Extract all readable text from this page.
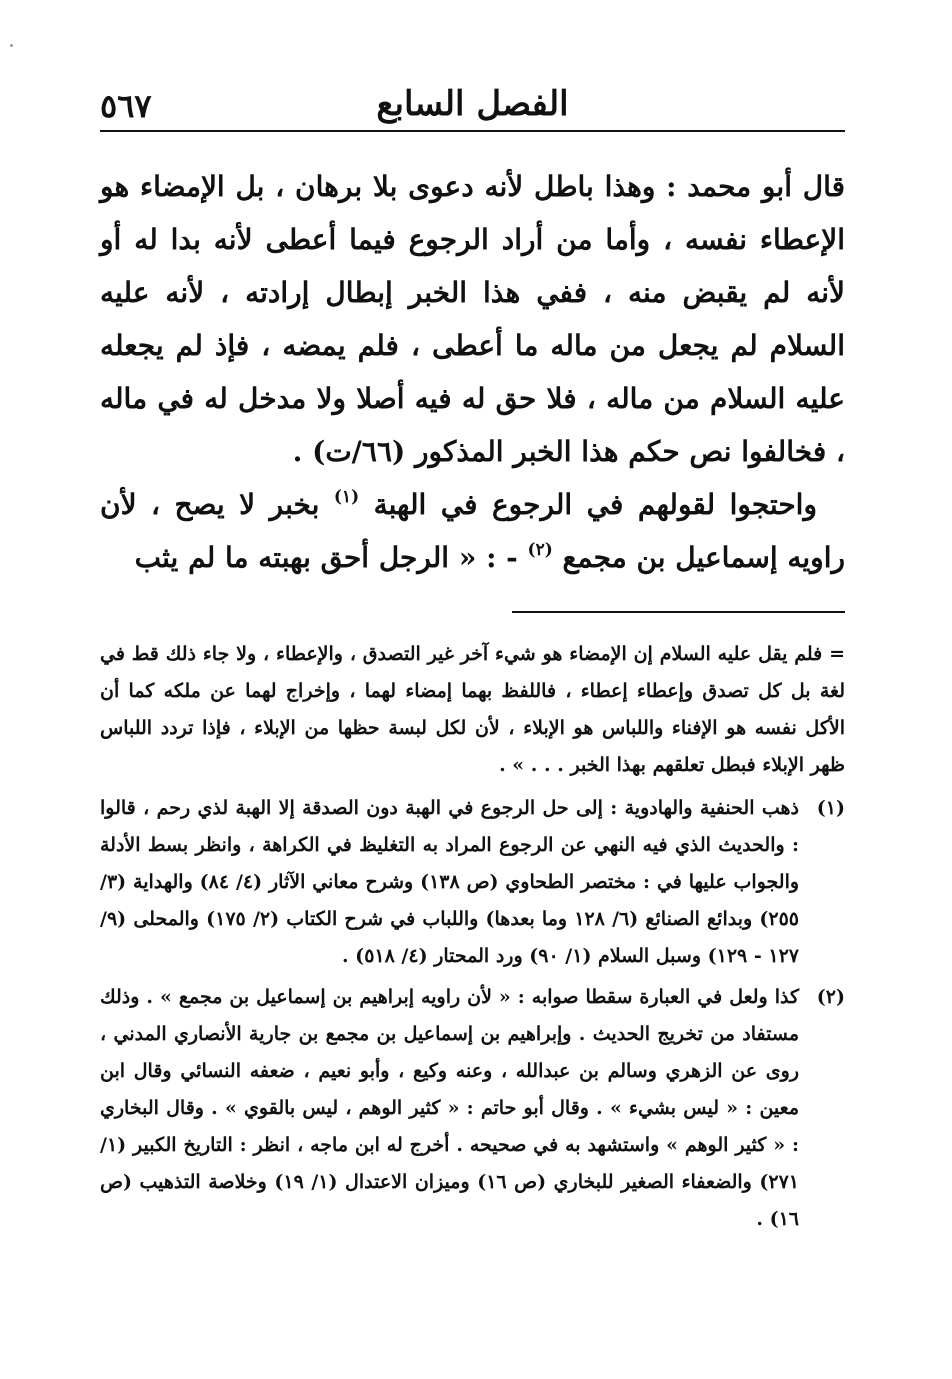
الفصل السابع
٥٦٧

قال أبو محمد : وهذا باطل لأنه دعوى بلا برهان ، بل الإمضاء هو الإعطاء نفسه ، وأما من أراد الرجوع فيما أعطى لأنه بدا له أو لأنه لم يقبض منه ، ففي هذا الخبر إبطال إرادته ، لأنه عليه السلام لم يجعل من ماله ما أعطى ، فلم يمضه ، فإذ لم يجعله عليه السلام من ماله ، فلا حق له فيه أصلا ولا مدخل له في ماله ، فخالفوا نص حكم هذا الخبر المذكور (٦٦/ت) .

واحتجوا لقولهم في الرجوع في الهبة $^{(١)}$ بخبر لا يصح ، لأن راويه إسماعيل بن مجمع $^{(٢)}$ - : « الرجل أحق بهبته ما لم يثب

= فلم يقل عليه السلام إن الإمضاء هو شيء آخر غير التصدق ، والإعطاء ، ولا جاء ذلك قط في لغة بل كل تصدق وإعطاء إعطاء ، فاللفظ بهما إمضاء لهما ، وإخراج لهما عن ملكه كما أن الأكل نفسه هو الإفناء واللباس هو الإبلاء ، لأن لكل لبسة حظها من الإبلاء ، فإذا تردد اللباس ظهر الإبلاء فبطل تعلقهم بهذا الخبر . . . » .

(١)
ذهب الحنفية والهادوية : إلى حل الرجوع في الهبة دون الصدقة إلا الهبة لذي رحم ، قالوا : والحديث الذي فيه النهي عن الرجوع المراد به التغليظ في الكراهة ، وانظر بسط الأدلة والجواب عليها في : مختصر الطحاوي (ص ١٣٨) وشرح معاني الآثار (٤/ ٨٤) والهداية (٣/ ٢٥٥) وبدائع الصنائع (٦/ ١٢٨ وما بعدها) واللباب في شرح الكتاب (٢/ ١٧٥) والمحلى (٩/ ١٢٧ - ١٢٩) وسبل السلام (١/ ٩٠) ورد المحتار (٤/ ٥١٨) .
(٢)
كذا ولعل في العبارة سقطا صوابه : « لأن راويه إبراهيم بن إسماعيل بن مجمع » . وذلك مستفاد من تخريج الحديث . وإبراهيم بن إسماعيل بن مجمع بن جارية الأنصاري المدني ، روى عن الزهري وسالم بن عبدالله ، وعنه وكيع ، وأبو نعيم ، ضعفه النسائي وقال ابن معين : « ليس بشيء » . وقال أبو حاتم : « كثير الوهم ، ليس بالقوي » . وقال البخاري : « كثير الوهم » واستشهد به في صحيحه . أخرج له ابن ماجه ، انظر : التاريخ الكبير (١/ ٢٧١) والضعفاء الصغير للبخاري (ص ١٦) وميزان الاعتدال (١/ ١٩) وخلاصة التذهيب (ص ١٦) .
